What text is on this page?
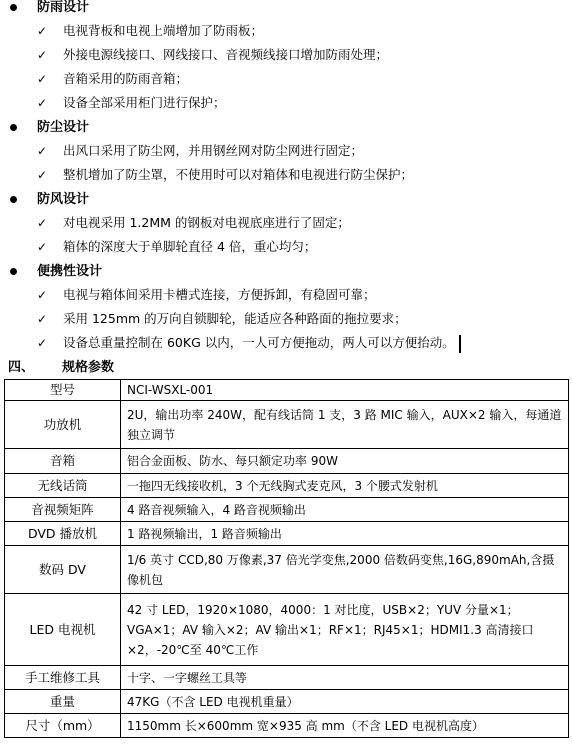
防雨设计
✓ 电视背板和电视上端增加了防雨板；
✓ 外接电源线接口、网线接口、音视频线接口增加防雨处理；
✓ 音箱采用的防雨音箱；
✓ 设备全部采用柜门进行保护；
防尘设计
✓ 出风口采用了防尘网，并用钢丝网对防尘网进行固定；
✓ 整机增加了防尘罩，不使用时可以对箱体和电视进行防尘保护；
防风设计
✓ 对电视采用 1.2MM 的钢板对电视底座进行了固定；
✓ 箱体的深度大于单脚轮直径 4 倍，重心均匀；
便携性设计
✓ 电视与箱体间采用卡槽式连接，方便拆卸，有稳固可靠；
✓ 采用 125mm 的万向自锁脚轮，能适应各种路面的拖拉要求；
✓ 设备总重量控制在 60KG 以内，一人可方便拖动，两人可以方便抬动。
四、 规格参数
型号	NCI-WSXL-001
功放机	2U，输出功率 240W，配有线话筒 1 支，3 路 MIC 输入，AUX×2 输入，每通道独立调节
音箱	铝合金面板、防水、每只额定功率 90W
无线话筒	一拖四无线接收机，3 个无线胸式麦克风，3 个腰式发射机
音视频矩阵	4 路音视频输入，4 路音视频输出
DVD 播放机	1 路视频输出，1 路音频输出
数码 DV	1/6 英寸 CCD,80 万像素,37 倍光学变焦,2000 倍数码变焦,16G,890mAh,含摄像机包
LED 电视机	42 寸 LED，1920×1080，4000：1 对比度，USB×2；YUV 分量×1；VGA×1；AV 输入×2；AV 输出×1；RF×1；RJ45×1；HDMI1.3 高清接口×2，-20℃至 40℃工作
手工维修工具	十字、一字螺丝工具等
重量	47KG（不含 LED 电视机重量）
尺寸（mm）	1150mm 长×600mm 宽×935 高 mm（不含 LED 电视机高度）
